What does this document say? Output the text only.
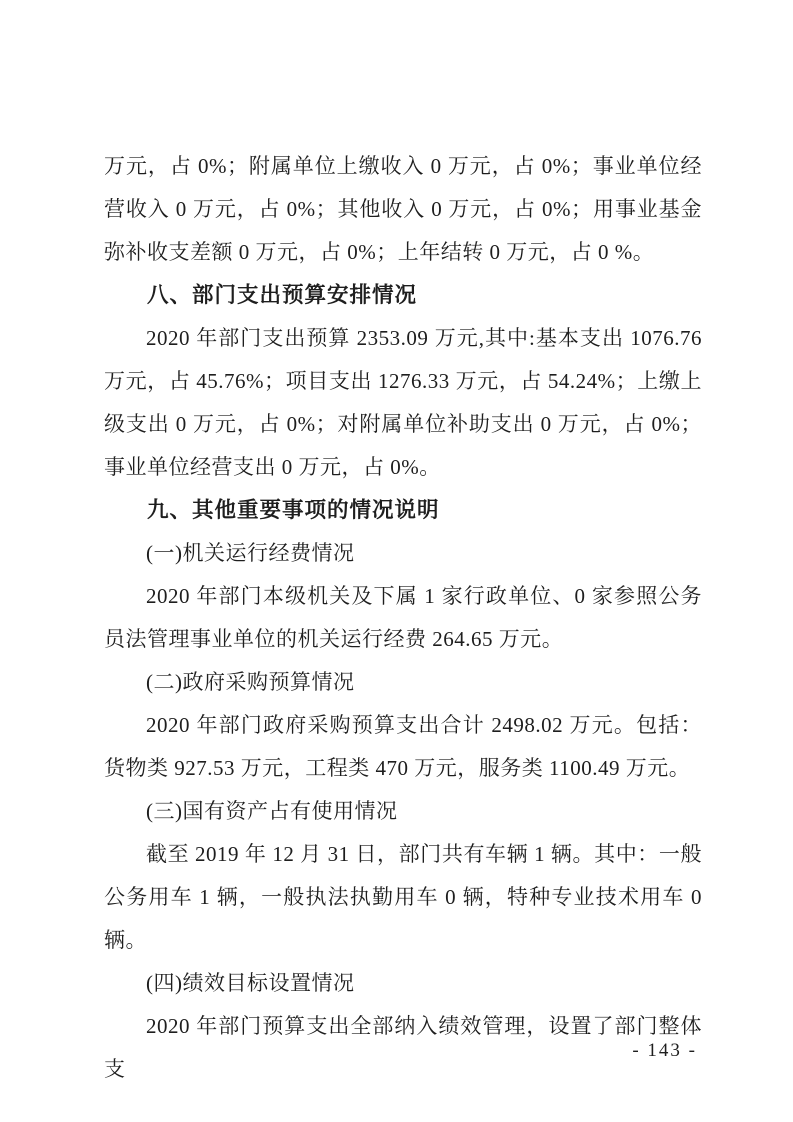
万元，占 0%；附属单位上缴收入 0 万元，占 0%；事业单位经营收入 0 万元，占 0%；其他收入 0 万元，占 0%；用事业基金弥补收支差额 0 万元，占 0%；上年结转 0 万元，占 0 %。
八、部门支出预算安排情况
2020 年部门支出预算 2353.09 万元,其中:基本支出 1076.76 万元，占 45.76%；项目支出 1276.33 万元，占 54.24%；上缴上级支出 0 万元，占 0%；对附属单位补助支出 0 万元，占 0%；事业单位经营支出 0 万元，占 0%。
九、其他重要事项的情况说明
(一)机关运行经费情况
2020 年部门本级机关及下属 1 家行政单位、0 家参照公务员法管理事业单位的机关运行经费 264.65 万元。
(二)政府采购预算情况
2020 年部门政府采购预算支出合计 2498.02 万元。包括：货物类 927.53 万元，工程类 470 万元，服务类 1100.49 万元。
(三)国有资产占有使用情况
截至 2019 年 12 月 31 日，部门共有车辆 1 辆。其中：一般公务用车 1 辆，一般执法执勤用车 0 辆，特种专业技术用车 0 辆。
(四)绩效目标设置情况
2020 年部门预算支出全部纳入绩效管理，设置了部门整体支
- 143 -
